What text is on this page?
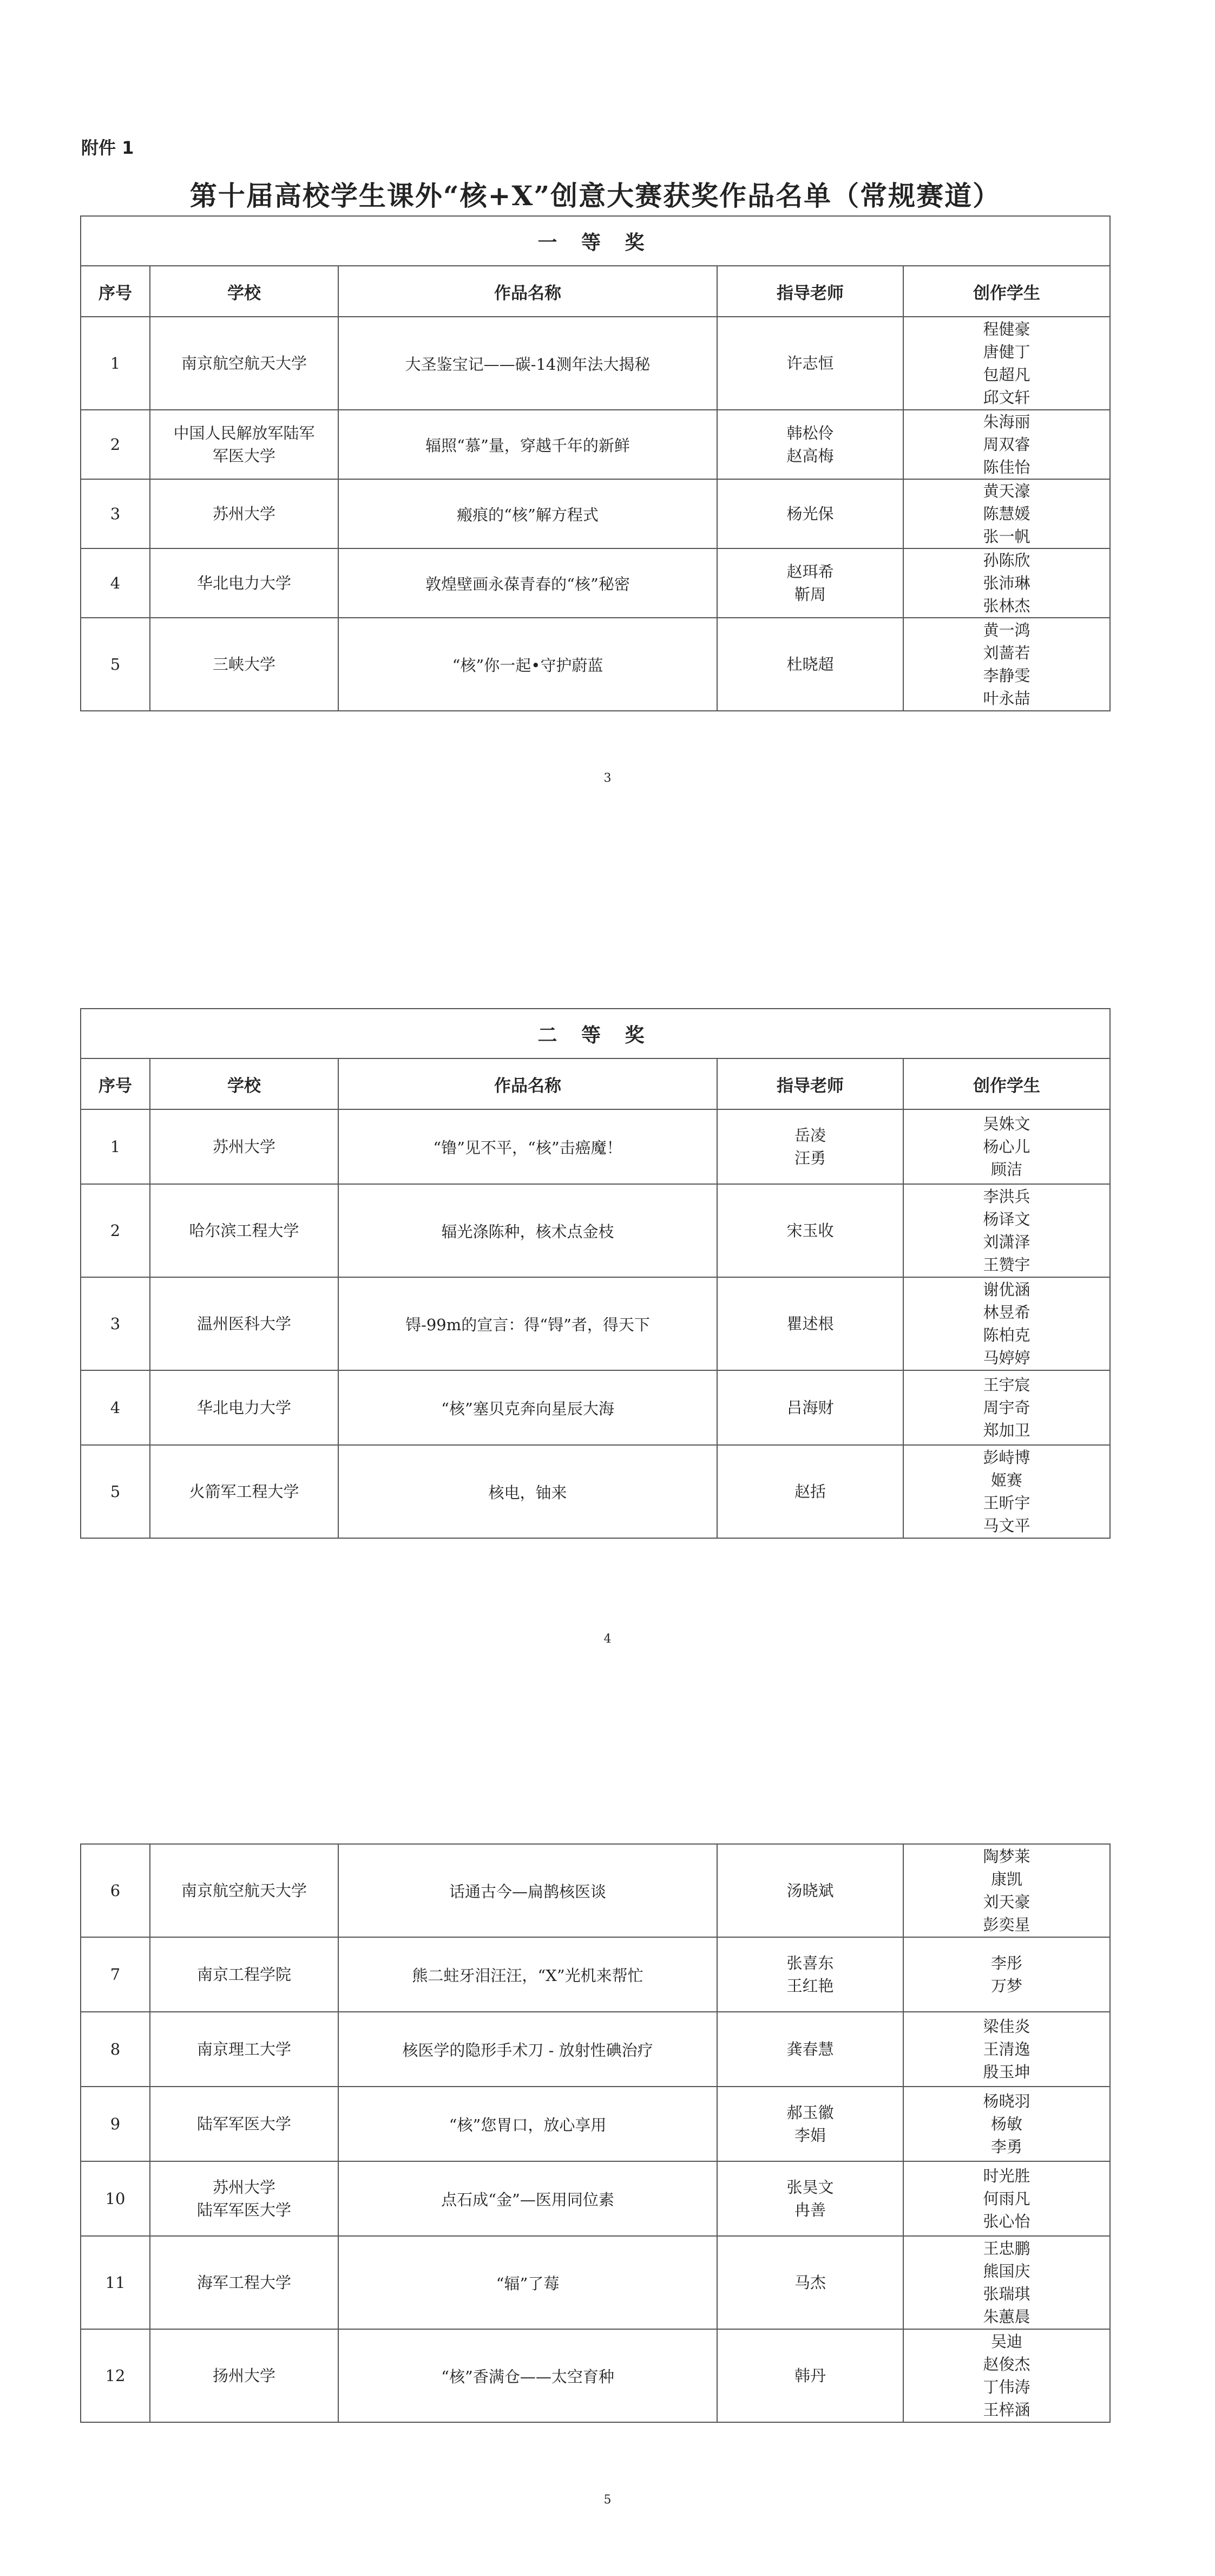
附件 1
第十届高校学生课外“核+X”创意大赛获奖作品名单（常规赛道）
一 等 奖				
序号	学校	作品名称	指导老师	创作学生
1	南京航空航天大学	大圣鉴宝记——碳-14测年法大揭秘	许志恒	程健豪
唐健丁
包超凡
邱文轩

2	中国人民解放军陆军
军医大学	辐照“慕”量，穿越千年的新鲜	韩松伶
赵高梅	朱海丽
周双睿
陈佳怡

3	苏州大学	瘢痕的“核”解方程式	杨光保	黄天濠
陈慧媛
张一帆

4	华北电力大学	敦煌壁画永葆青春的“核”秘密	赵珥希
靳周	孙陈欣
张沛琳
张林杰

5	三峡大学	“核”你一起•守护蔚蓝	杜晓超	黄一鸿
刘蔷若
李静雯
叶永喆
3
二 等 奖				
序号	学校	作品名称	指导老师	创作学生
1	苏州大学	“镥”见不平，“核”击癌魔！	岳凌
汪勇	吴姝文
杨心儿
顾洁

2	哈尔滨工程大学	辐光涤陈种，核术点金枝	宋玉收	李洪兵
杨译文
刘潇泽
王赞宇

3	温州医科大学	锝-99m的宣言：得“锝”者，得天下	瞿述根	谢优涵
林昱希
陈柏克
马婷婷

4	华北电力大学	“核”塞贝克奔向星辰大海	吕海财	王宇宸
周宇奇
郑加卫

5	火箭军工程大学	核电，铀来	赵括	彭峙博
姬赛
王昕宇
马文平
4
6	南京航空航天大学	话通古今—扁鹊核医谈	汤晓斌	陶梦莱
康凯
刘天豪
彭奕星

7	南京工程学院	熊二蛀牙泪汪汪，“X”光机来帮忙	张喜东
王红艳	李彤
万梦

8	南京理工大学	核医学的隐形手术刀 - 放射性碘治疗	龚春慧	梁佳炎
王清逸
殷玉坤

9	陆军军医大学	“核”您胃口，放心享用	郝玉徽
李娟	杨晓羽
杨敏
李勇

10	苏州大学
陆军军医大学	点石成“金”—医用同位素	张昊文
冉善	时光胜
何雨凡
张心怡

11	海军工程大学	“辐”了莓	马杰	王忠鹏
熊国庆
张瑞琪
朱蕙晨

12	扬州大学	“核”香满仓——太空育种	韩丹	吴迪
赵俊杰
丁伟涛
王梓涵
5
